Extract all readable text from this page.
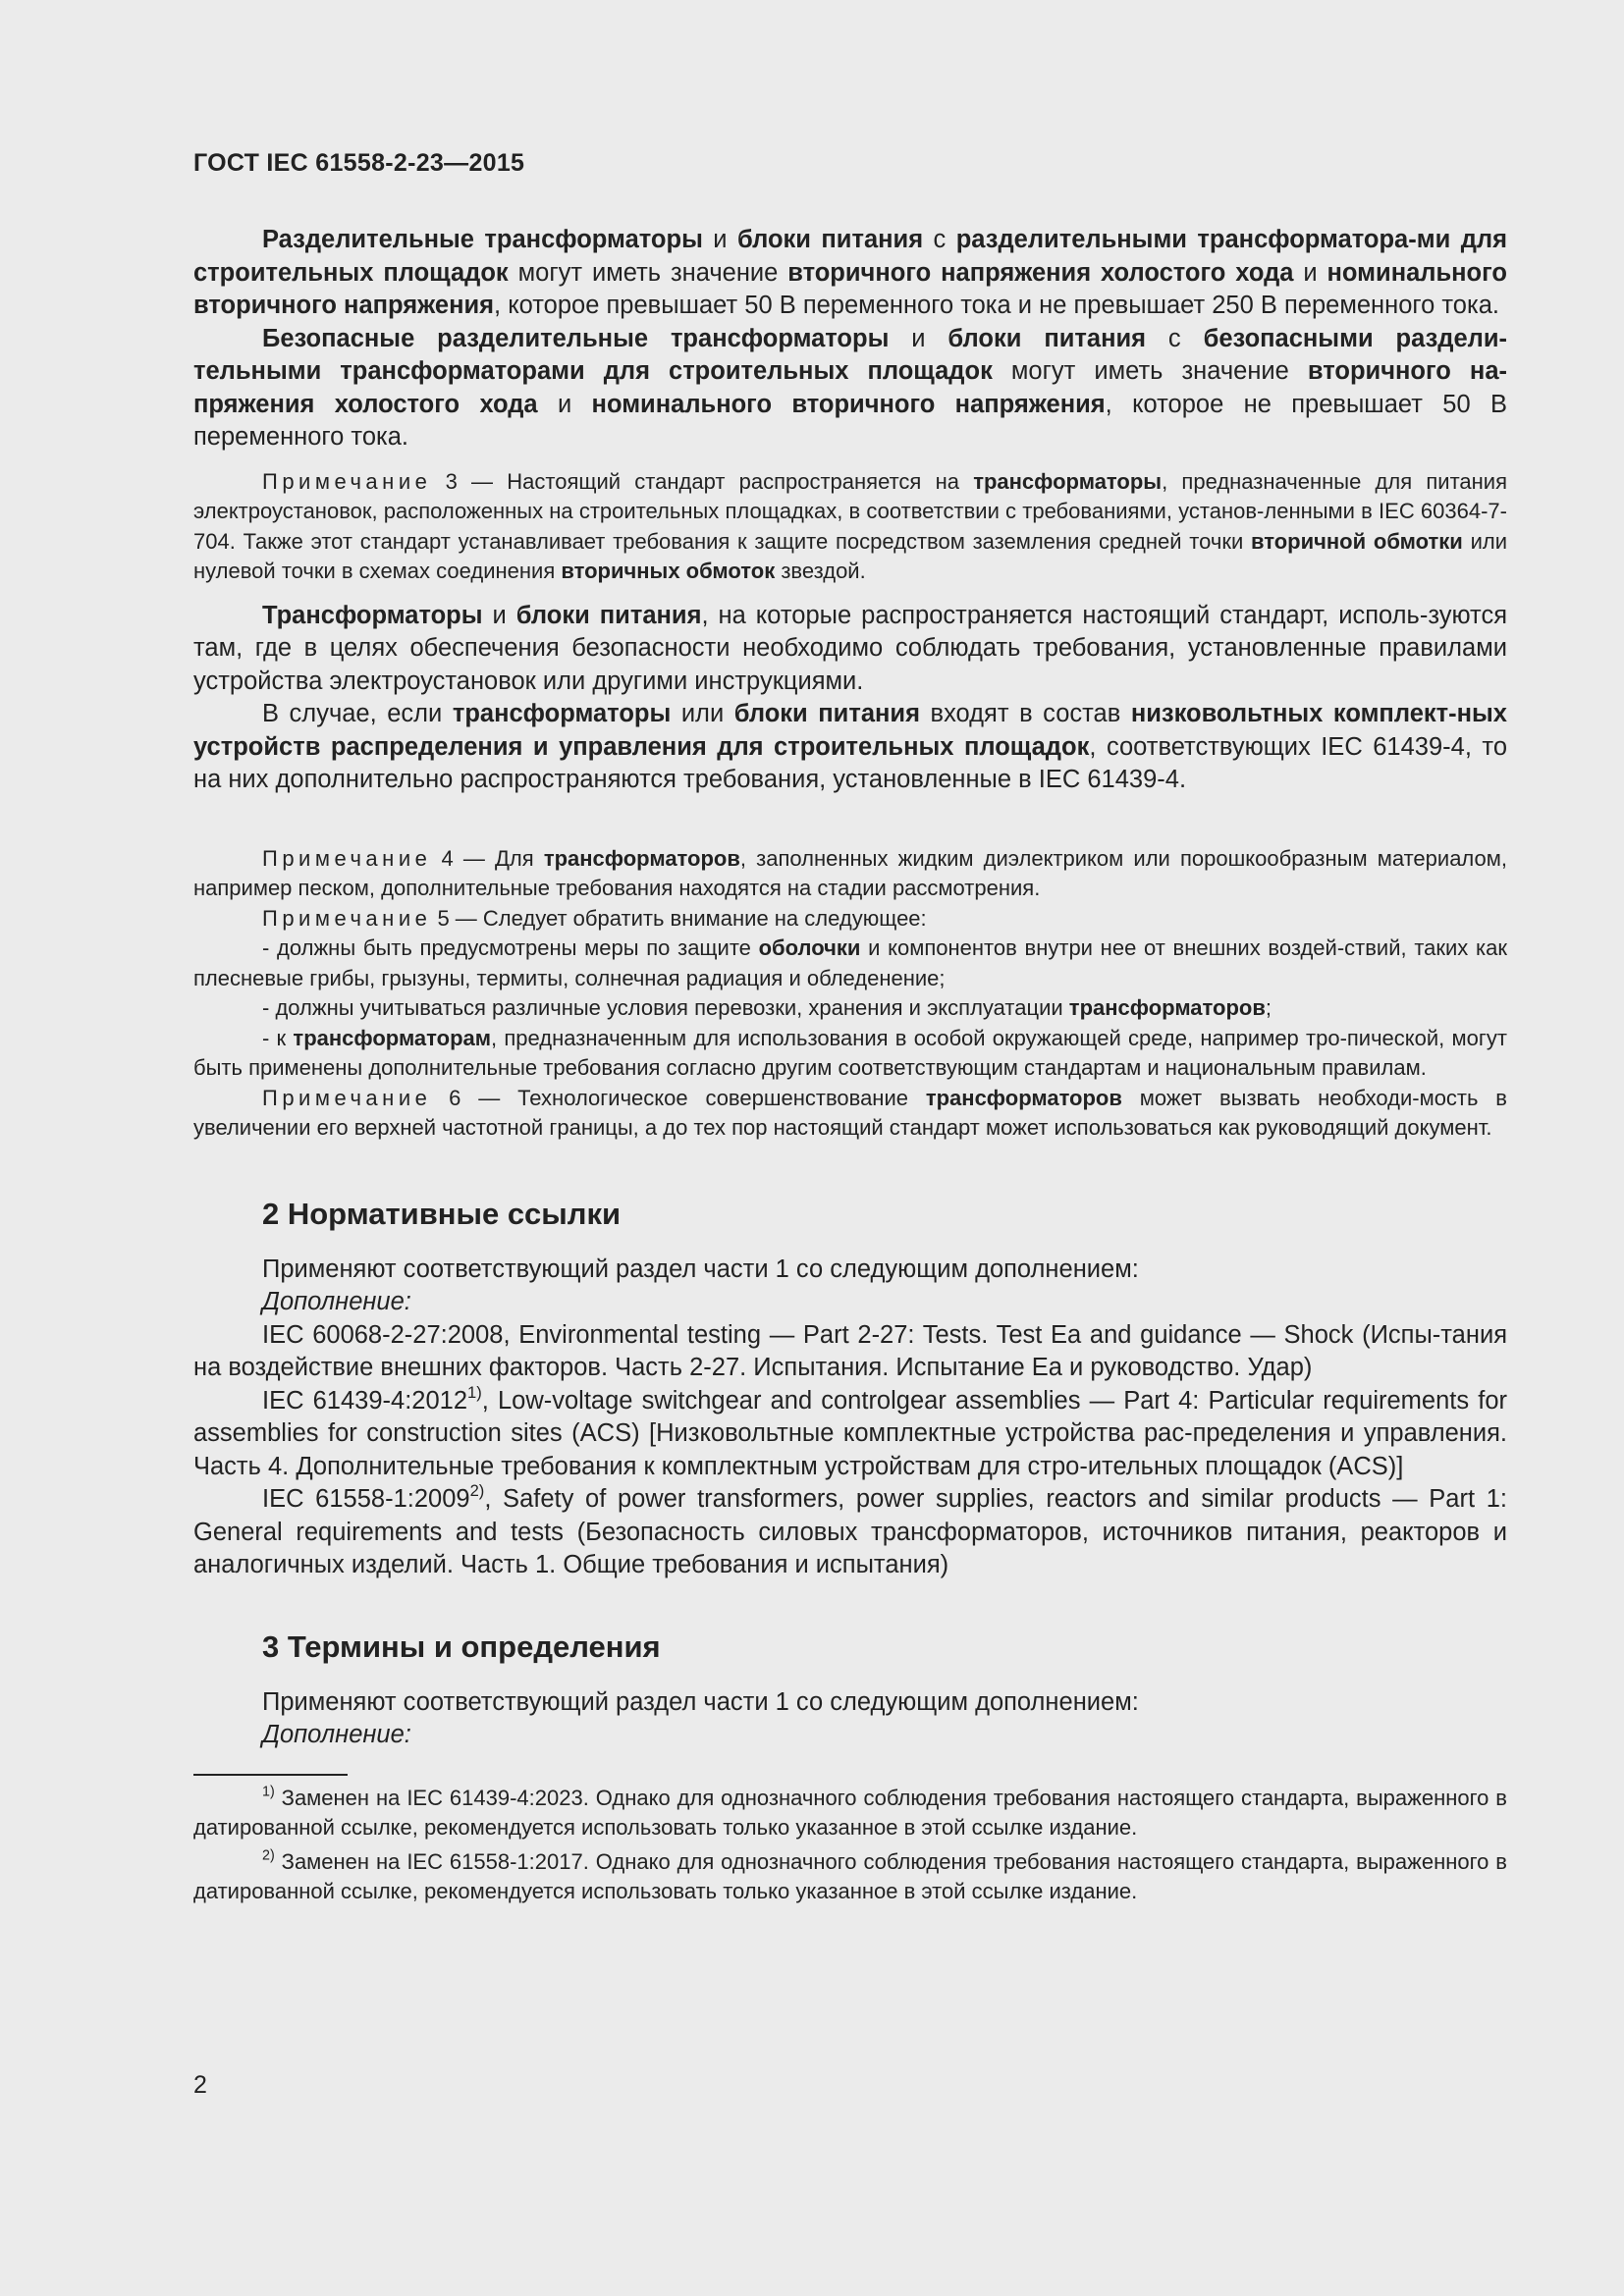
ГОСТ IEC 61558-2-23—2015

Разделительные трансформаторы и блоки питания с разделительными трансформатора-ми для строительных площадок могут иметь значение вторичного напряжения холостого хода и номинального вторичного напряжения, которое превышает 50 В переменного тока и не превышает 250 В переменного тока.

Безопасные разделительные трансформаторы и блоки питания с безопасными раздели-тельными трансформаторами для строительных площадок могут иметь значение вторичного на-пряжения холостого хода и номинального вторичного напряжения, которое не превышает 50 В переменного тока.

Примечание 3 — Настоящий стандарт распространяется на трансформаторы, предназначенные для питания электроустановок, расположенных на строительных площадках, в соответствии с требованиями, установ-ленными в IEC 60364-7-704. Также этот стандарт устанавливает требования к защите посредством заземления средней точки вторичной обмотки или нулевой точки в схемах соединения вторичных обмоток звездой.

Трансформаторы и блоки питания, на которые распространяется настоящий стандарт, исполь-зуются там, где в целях обеспечения безопасности необходимо соблюдать требования, установленные правилами устройства электроустановок или другими инструкциями.

В случае, если трансформаторы или блоки питания входят в состав низковольтных комплект-ных устройств распределения и управления для строительных площадок, соответствующих IEC 61439-4, то на них дополнительно распространяются требования, установленные в IEC 61439-4.

Примечание 4 — Для трансформаторов, заполненных жидким диэлектриком или порошкообразным материалом, например песком, дополнительные требования находятся на стадии рассмотрения.

Примечание 5 — Следует обратить внимание на следующее:

- должны быть предусмотрены меры по защите оболочки и компонентов внутри нее от внешних воздей-ствий, таких как плесневые грибы, грызуны, термиты, солнечная радиация и обледенение;

- должны учитываться различные условия перевозки, хранения и эксплуатации трансформаторов;

- к трансформаторам, предназначенным для использования в особой окружающей среде, например тро-пической, могут быть применены дополнительные требования согласно другим соответствующим стандартам и национальным правилам.

Примечание 6 — Технологическое совершенствование трансформаторов может вызвать необходи-мость в увеличении его верхней частотной границы, а до тех пор настоящий стандарт может использоваться как руководящий документ.

2 Нормативные ссылки

Применяют соответствующий раздел части 1 со следующим дополнением:

Дополнение:

IEC 60068-2-27:2008, Environmental testing — Part 2-27: Tests. Test Ea and guidance — Shock (Испы-тания на воздействие внешних факторов. Часть 2-27. Испытания. Испытание Ea и руководство. Удар)

IEC 61439-4:2012$^{1)}$, Low-voltage switchgear and controlgear assemblies — Part 4: Particular requirements for assemblies for construction sites (ACS) [Низковольтные комплектные устройства рас-пределения и управления. Часть 4. Дополнительные требования к комплектным устройствам для стро-ительных площадок (ACS)]

IEC 61558-1:2009$^{2)}$, Safety of power transformers, power supplies, reactors and similar products — Part 1: General requirements and tests (Безопасность силовых трансформаторов, источников питания, реакторов и аналогичных изделий. Часть 1. Общие требования и испытания)

3 Термины и определения

Применяют соответствующий раздел части 1 со следующим дополнением:

Дополнение:

$^{1)}$ Заменен на IEC 61439-4:2023. Однако для однозначного соблюдения требования настоящего стандарта, выраженного в датированной ссылке, рекомендуется использовать только указанное в этой ссылке издание.

$^{2)}$ Заменен на IEC 61558-1:2017. Однако для однозначного соблюдения требования настоящего стандарта, выраженного в датированной ссылке, рекомендуется использовать только указанное в этой ссылке издание.

2
